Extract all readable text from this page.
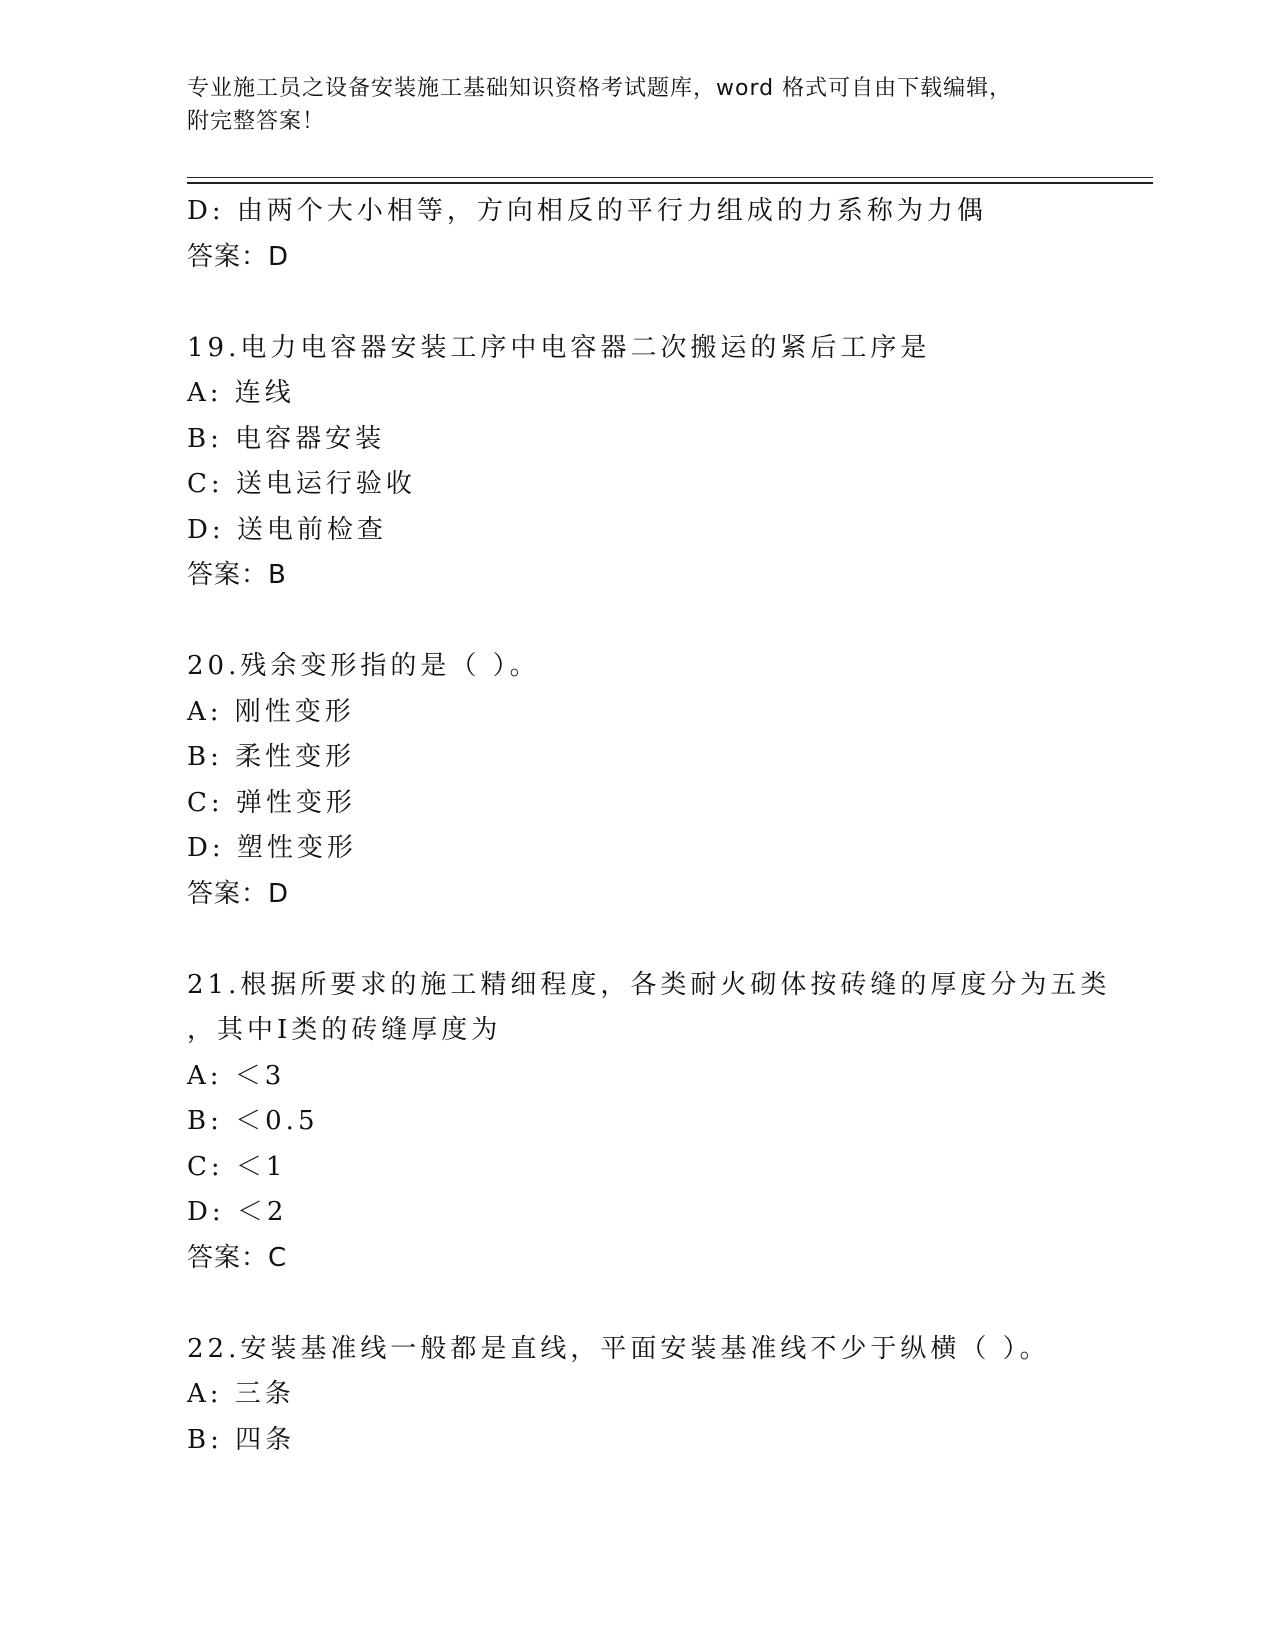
专业施工员之设备安装施工基础知识资格考试题库，word 格式可自由下载编辑，
附完整答案！
D: 由两个大小相等，方向相反的平行力组成的力系称为力偶
答案：D
19.电力电容器安装工序中电容器二次搬运的紧后工序是
A: 连线
B: 电容器安装
C: 送电运行验收
D: 送电前检查
答案：B
20.残余变形指的是（ ）。
A: 刚性变形
B: 柔性变形
C: 弹性变形
D: 塑性变形
答案：D
21.根据所要求的施工精细程度，各类耐火砌体按砖缝的厚度分为五类
，其中Ⅰ类的砖缝厚度为
A: ＜3
B: ＜0.5
C: ＜1
D: ＜2
答案：C
22.安装基准线一般都是直线，平面安装基准线不少于纵横（ ）。
A: 三条
B: 四条
